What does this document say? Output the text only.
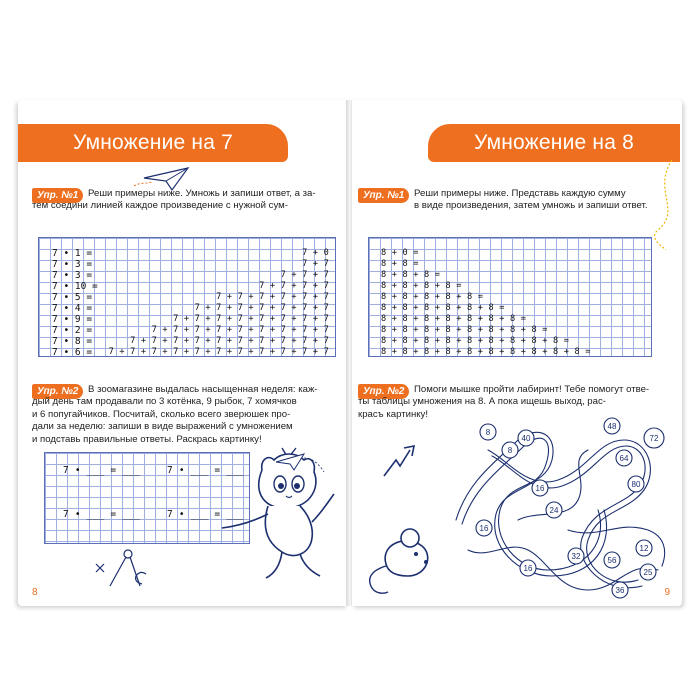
Умножение на 7
Упр. №1	Реши примеры ниже. Умножь и запиши ответ, а за-
тем соедини линией каждое произведение с нужной сум-
7 • 1 =
7 • 3 =
7 • 3 =
7 • 10 =
7 • 5 =
7 • 4 =
7 • 9 =
7 • 2 =
7 • 8 =
7 • 6 =
7 + 0
7 + 7
7 + 7 + 7
7 + 7 + 7 + 7
7 + 7 + 7 + 7 + 7 + 7
7 + 7 + 7 + 7 + 7 + 7 + 7
7 + 7 + 7 + 7 + 7 + 7 + 7 + 7
7 + 7 + 7 + 7 + 7 + 7 + 7 + 7 + 7
7 + 7 + 7 + 7 + 7 + 7 + 7 + 7 + 7 + 7
7 + 7 + 7 + 7 + 7 + 7 + 7 + 7 + 7 + 7 + 7
Упр. №2	В зоомагазине выдалась насыщенная неделя: каж-
дый день там продавали по 3 котёнка, 9 рыбок, 7 хомячков
и 6 попугайчиков. Посчитай, сколько всего зверюшек про-
дали за неделю: запиши в виде выражений с умножением
и подставь правильные ответы. Раскрась картинку!
7 • ___ = ___	7 • ___ = ___
7 • ___ = ___	7 • ___ = ___
8
Умножение на 8
Упр. №1	Реши примеры ниже. Представь каждую сумму
в виде произведения, затем умножь и запиши ответ.
8 + 0 =
8 + 8 =
8 + 8 + 8 =
8 + 8 + 8 + 8 =
8 + 8 + 8 + 8 + 8 =
8 + 8 + 8 + 8 + 8 + 8 =
8 + 8 + 8 + 8 + 8 + 8 + 8 =
8 + 8 + 8 + 8 + 8 + 8 + 8 + 8 =
8 + 8 + 8 + 8 + 8 + 8 + 8 + 8 + 8 =
8 + 8 + 8 + 8 + 8 + 8 + 8 + 8 + 8 + 8 =
Упр. №2	Помоги мышке пройти лабиринт! Тебе помогут отве-
ты таблицы умножения на 8. А пока ищешь выход, рас-
красъ картинку!
8
8
40
48
72
64
16
24
80
16
12
32	56
16	25
36	9
